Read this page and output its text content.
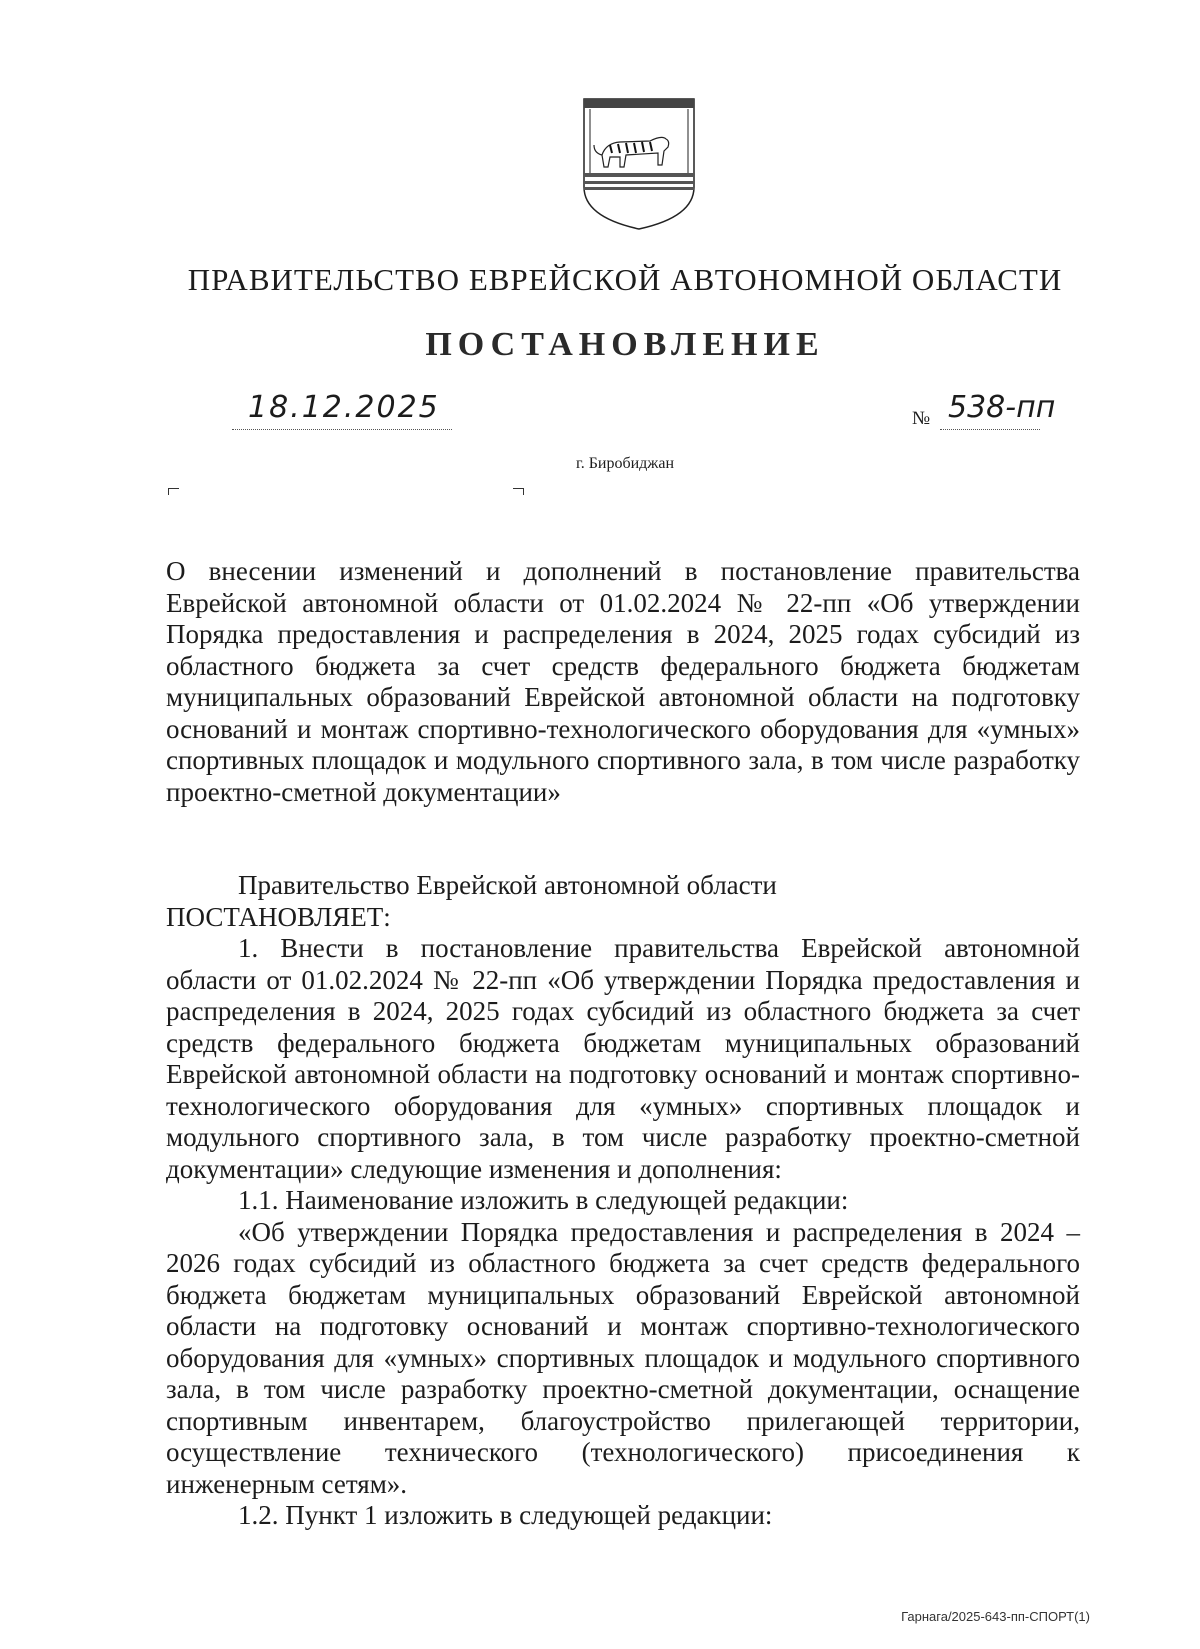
ПРАВИТЕЛЬСТВО ЕВРЕЙСКОЙ АВТОНОМНОЙ ОБЛАСТИ
ПОСТАНОВЛЕНИЕ
18.12.2025	№ 538-пп
г. Биробиджан

О внесении изменений и дополнений в постановление правительства Еврейской автономной области от 01.02.2024 № 22-пп «Об утверждении Порядка предоставления и распределения в 2024, 2025 годах субсидий из областного бюджета за счет средств федерального бюджета бюджетам муниципальных образований Еврейской автономной области на подготовку оснований и монтаж спортивно-технологического оборудования для «умных» спортивных площадок и модульного спортивного зала, в том числе разработку проектно-сметной документации»

Правительство Еврейской автономной области

ПОСТАНОВЛЯЕТ:

1. Внести в постановление правительства Еврейской автономной области от 01.02.2024 № 22-пп «Об утверждении Порядка предоставления и распределения в 2024, 2025 годах субсидий из областного бюджета за счет средств федерального бюджета бюджетам муниципальных образований Еврейской автономной области на подготовку оснований и монтаж спортивно-технологического оборудования для «умных» спортивных площадок и модульного спортивного зала, в том числе разработку проектно-сметной документации» следующие изменения и дополнения:

1.1. Наименование изложить в следующей редакции:

«Об утверждении Порядка предоставления и распределения в 2024 – 2026 годах субсидий из областного бюджета за счет средств федерального бюджета бюджетам муниципальных образований Еврейской автономной области на подготовку оснований и монтаж спортивно-технологического оборудования для «умных» спортивных площадок и модульного спортивного зала, в том числе разработку проектно-сметной документации, оснащение спортивным инвентарем, благоустройство прилегающей территории, осуществление технического (технологического) присоединения к инженерным сетям».

1.2. Пункт 1 изложить в следующей редакции:

Гарнага/2025-643-пп-СПОРТ(1)
